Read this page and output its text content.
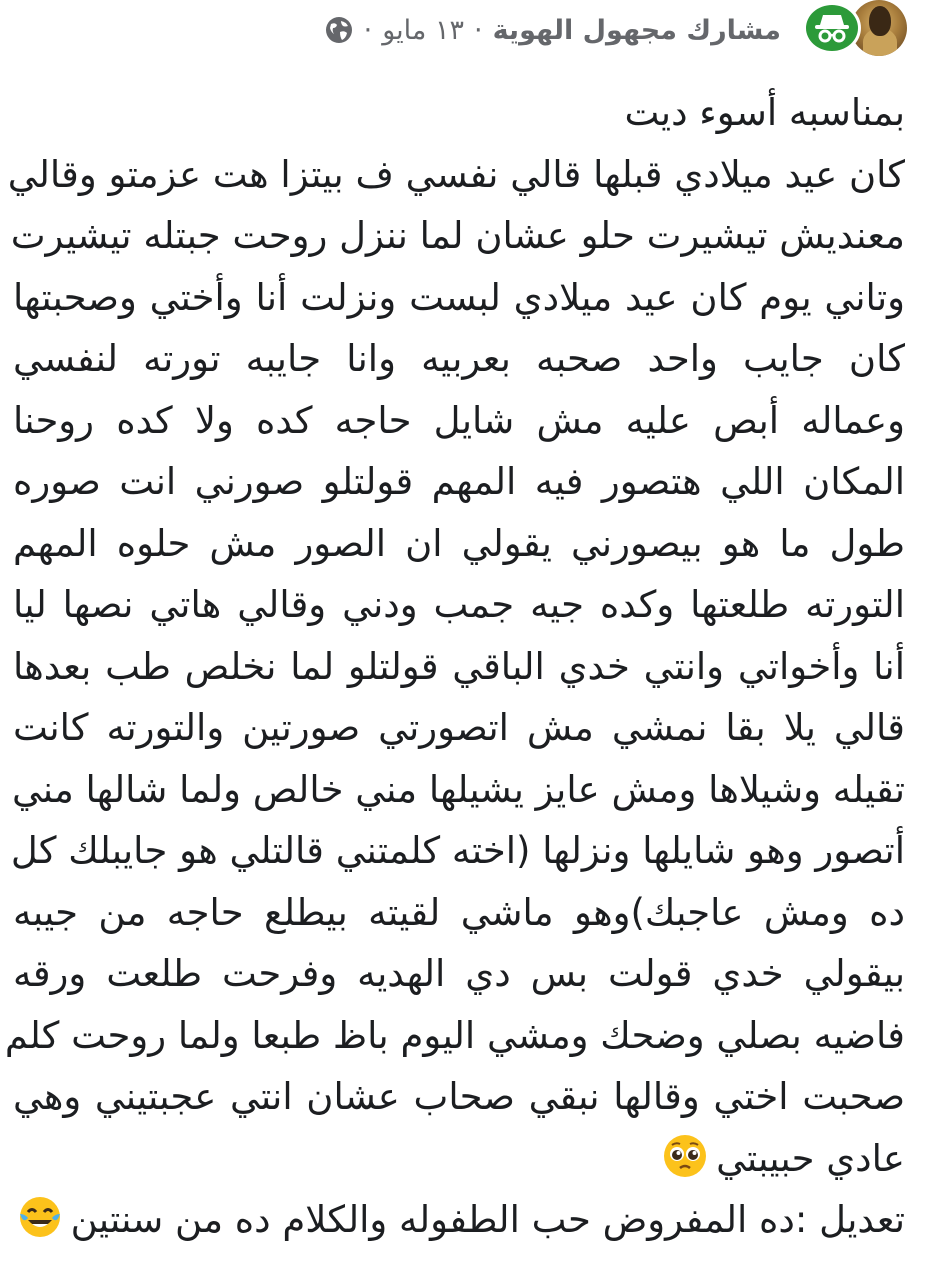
مشارك مجهول الهوية
·
١٣ مايو
·
بمناسبه أسوء ديت
كان عيد ميلادي قبلها قالي نفسي ف بيتزا هت عزمتو وقالي
معنديش تيشيرت حلو عشان لما ننزل روحت جبتله تيشيرت
وتاني يوم كان عيد ميلادي لبست ونزلت أنا وأختي وصحبتها
كان جايب واحد صحبه بعربيه وانا جايبه تورته لنفسي
وعماله أبص عليه مش شايل حاجه كده ولا كده روحنا
المكان اللي هتصور فيه المهم قولتلو صورني انت صوره
طول ما هو بيصورني يقولي ان الصور مش حلوه المهم
التورته طلعتها وكده جيه جمب ودني وقالي هاتي نصها ليا
أنا وأخواتي وانتي خدي الباقي قولتلو لما نخلص طب بعدها
قالي يلا بقا نمشي مش اتصورتي صورتين والتورته كانت
تقيله وشيلاها ومش عايز يشيلها مني خالص ولما شالها مني
أتصور وهو شايلها ونزلها (اخته كلمتني قالتلي هو جايبلك كل
ده ومش عاجبك)وهو ماشي لقيته بيطلع حاجه من جيبه
بيقولي خدي قولت بس دي الهديه وفرحت طلعت ورقه
فاضيه بصلي وضحك ومشي اليوم باظ طبعا ولما روحت كلم
صحبت اختي وقالها نبقي صحاب عشان انتي عجبتيني وهي
عادي حبيبتي
تعديل :ده المفروض حب الطفوله والكلام ده من سنتين
